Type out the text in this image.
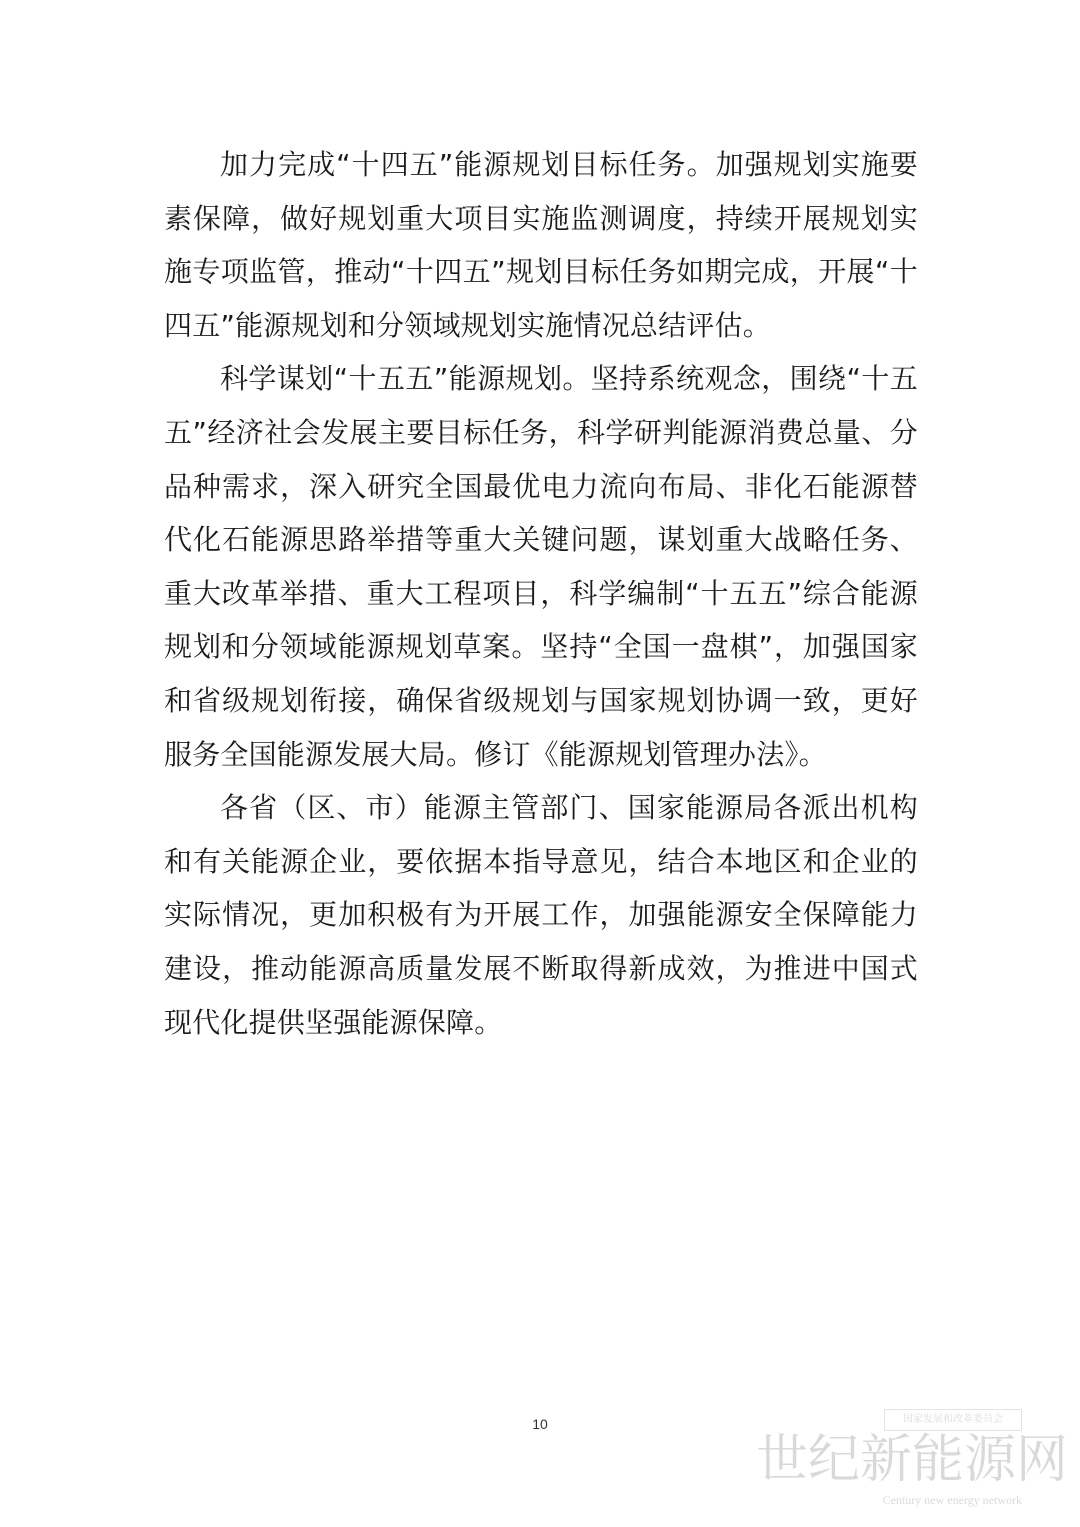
加力完成“十四五”能源规划目标任务。加强规划实施要素保障，做好规划重大项目实施监测调度，持续开展规划实施专项监管，推动“十四五”规划目标任务如期完成，开展“十四五”能源规划和分领域规划实施情况总结评估。

科学谋划“十五五”能源规划。坚持系统观念，围绕“十五五”经济社会发展主要目标任务，科学研判能源消费总量、分品种需求，深入研究全国最优电力流向布局、非化石能源替代化石能源思路举措等重大关键问题，谋划重大战略任务、重大改革举措、重大工程项目，科学编制“十五五”综合能源规划和分领域能源规划草案。坚持“全国一盘棋”，加强国家和省级规划衔接，确保省级规划与国家规划协调一致，更好服务全国能源发展大局。修订《能源规划管理办法》。

各省（区、市）能源主管部门、国家能源局各派出机构和有关能源企业，要依据本指导意见，结合本地区和企业的实际情况，更加积极有为开展工作，加强能源安全保障能力建设，推动能源高质量发展不断取得新成效，为推进中国式现代化提供坚强能源保障。

10	国家发展和改革委员会
世纪新能源网
Century new energy network
